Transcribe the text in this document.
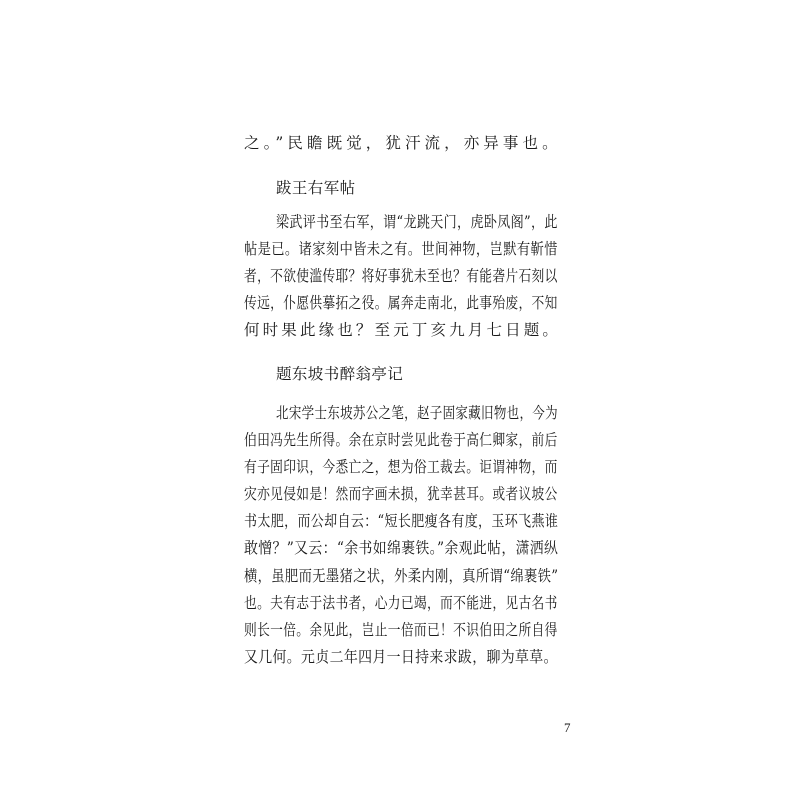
之。”民瞻既觉，犹汗流，亦异事也。
跋王右军帖
梁武评书至右军，谓“龙跳天门，虎卧凤阁”，此
帖是已。诸家刻中皆未之有。世间神物，岂默有靳惜
者，不欲使滥传耶？将好事犹未至也？有能砻片石刻以
传远，仆愿供摹拓之役。属奔走南北，此事殆废，不知
何时果此缘也？至元丁亥九月七日题。
题东坡书醉翁亭记
北宋学士东坡苏公之笔，赵子固家藏旧物也，今为
伯田冯先生所得。余在京时尝见此卷于高仁卿家，前后
有子固印识，今悉亡之，想为俗工裁去。讵谓神物，而
灾亦见侵如是！然而字画未损，犹幸甚耳。或者议坡公
书太肥，而公却自云：“短长肥瘦各有度，玉环飞燕谁
敢憎？”又云：“余书如绵裹铁。”余观此帖，潇洒纵
横，虽肥而无墨猪之状，外柔内刚，真所谓“绵裹铁”
也。夫有志于法书者，心力已竭，而不能进，见古名书
则长一倍。余见此，岂止一倍而已！不识伯田之所自得
又几何。元贞二年四月一日持来求跋，聊为草草。
7
